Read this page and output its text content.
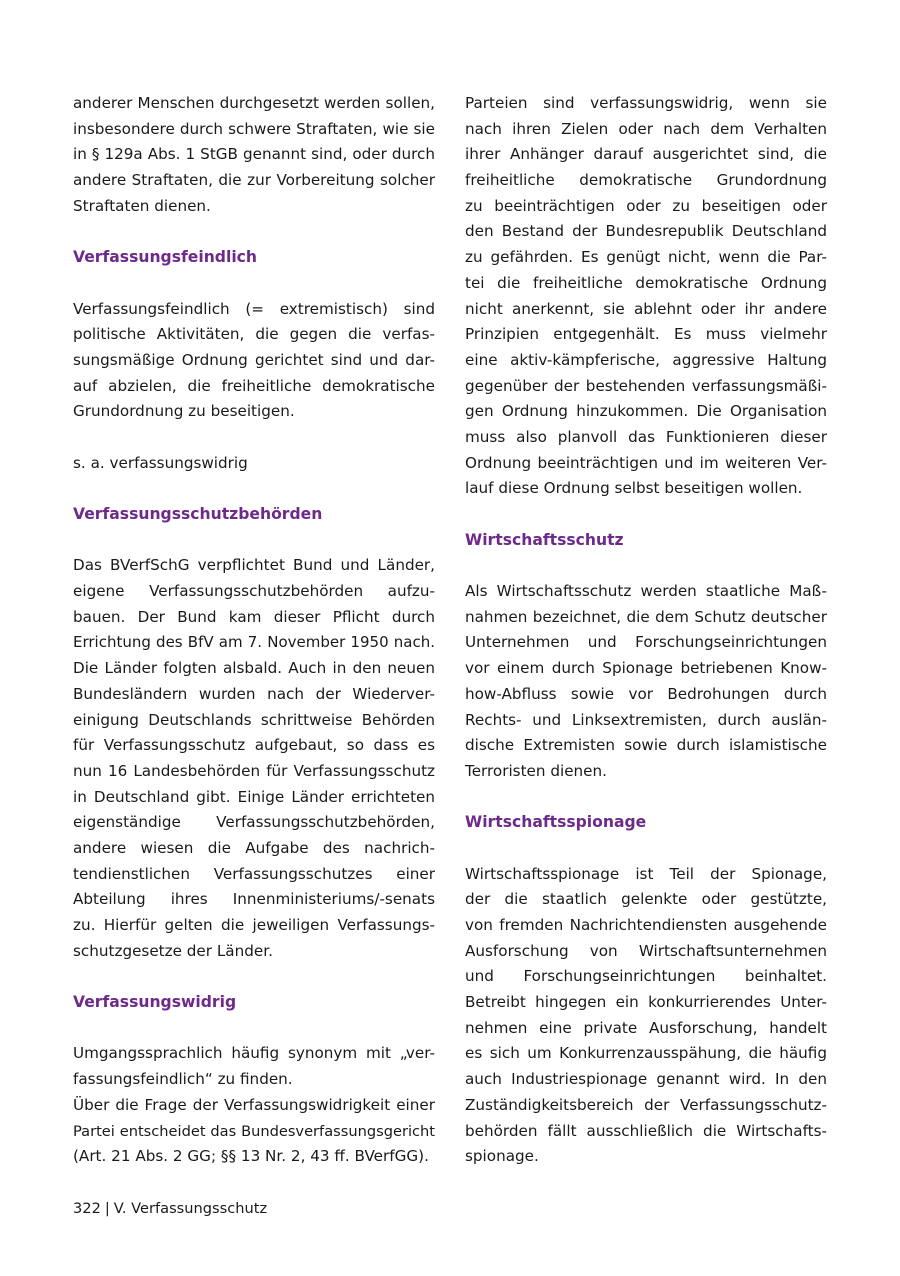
anderer Menschen durchgesetzt werden sollen,
insbesondere durch schwere Straftaten, wie sie
in § 129a Abs. 1 StGB genannt sind, oder durch
andere Straftaten, die zur Vorbereitung solcher
Straftaten dienen.
Verfassungsfeindlich
Verfassungsfeindlich (= extremistisch) sind
politische Aktivitäten, die gegen die verfas-
sungsmäßige Ordnung gerichtet sind und dar-
auf abzielen, die freiheitliche demokratische
Grundordnung zu beseitigen.
s. a. verfassungswidrig
Verfassungsschutzbehörden
Das BVerfSchG verpflichtet Bund und Länder,
eigene Verfassungsschutzbehörden aufzu-
bauen. Der Bund kam dieser Pflicht durch
Errichtung des BfV am 7. November 1950 nach.
Die Länder folgten alsbald. Auch in den neuen
Bundesländern wurden nach der Wiederver-
einigung Deutschlands schrittweise Behörden
für Verfassungsschutz aufgebaut, so dass es
nun 16 Landesbehörden für Verfassungsschutz
in Deutschland gibt. Einige Länder errichteten
eigenständige Verfassungsschutzbehörden,
andere wiesen die Aufgabe des nachrich-
tendienstlichen Verfassungsschutzes einer
Abteilung ihres Innenministeriums/-senats
zu. Hierfür gelten die jeweiligen Verfassungs-
schutzgesetze der Länder.
Verfassungswidrig
Umgangssprachlich häufig synonym mit „ver-
fassungsfeindlich“ zu finden.
Über die Frage der Verfassungswidrigkeit einer
Partei entscheidet das Bundesverfassungsgericht
(Art. 21 Abs. 2 GG; §§ 13 Nr. 2, 43 ff. BVerfGG).
Parteien sind verfassungswidrig, wenn sie
nach ihren Zielen oder nach dem Verhalten
ihrer Anhänger darauf ausgerichtet sind, die
freiheitliche demokratische Grundordnung
zu beeinträchtigen oder zu beseitigen oder
den Bestand der Bundesrepublik Deutschland
zu gefährden. Es genügt nicht, wenn die Par-
tei die freiheitliche demokratische Ordnung
nicht anerkennt, sie ablehnt oder ihr andere
Prinzipien entgegenhält. Es muss vielmehr
eine aktiv-kämpferische, aggressive Haltung
gegenüber der bestehenden verfassungsmäßi-
gen Ordnung hinzukommen. Die Organisation
muss also planvoll das Funktionieren dieser
Ordnung beeinträchtigen und im weiteren Ver-
lauf diese Ordnung selbst beseitigen wollen.
Wirtschaftsschutz
Als Wirtschaftsschutz werden staatliche Maß-
nahmen bezeichnet, die dem Schutz deutscher
Unternehmen und Forschungseinrichtungen
vor einem durch Spionage betriebenen Know-
how-Abfluss sowie vor Bedrohungen durch
Rechts- und Linksextremisten, durch auslän-
dische Extremisten sowie durch islamistische
Terroristen dienen.
Wirtschaftsspionage
Wirtschaftsspionage ist Teil der Spionage,
der die staatlich gelenkte oder gestützte,
von fremden Nachrichtendiensten ausgehende
Ausforschung von Wirtschaftsunternehmen
und Forschungseinrichtungen beinhaltet.
Betreibt hingegen ein konkurrierendes Unter-
nehmen eine private Ausforschung, handelt
es sich um Konkurrenzausspähung, die häufig
auch Industriespionage genannt wird. In den
Zuständigkeitsbereich der Verfassungsschutz-
behörden fällt ausschließlich die Wirtschafts-
spionage.
322 | V. Verfassungsschutz
